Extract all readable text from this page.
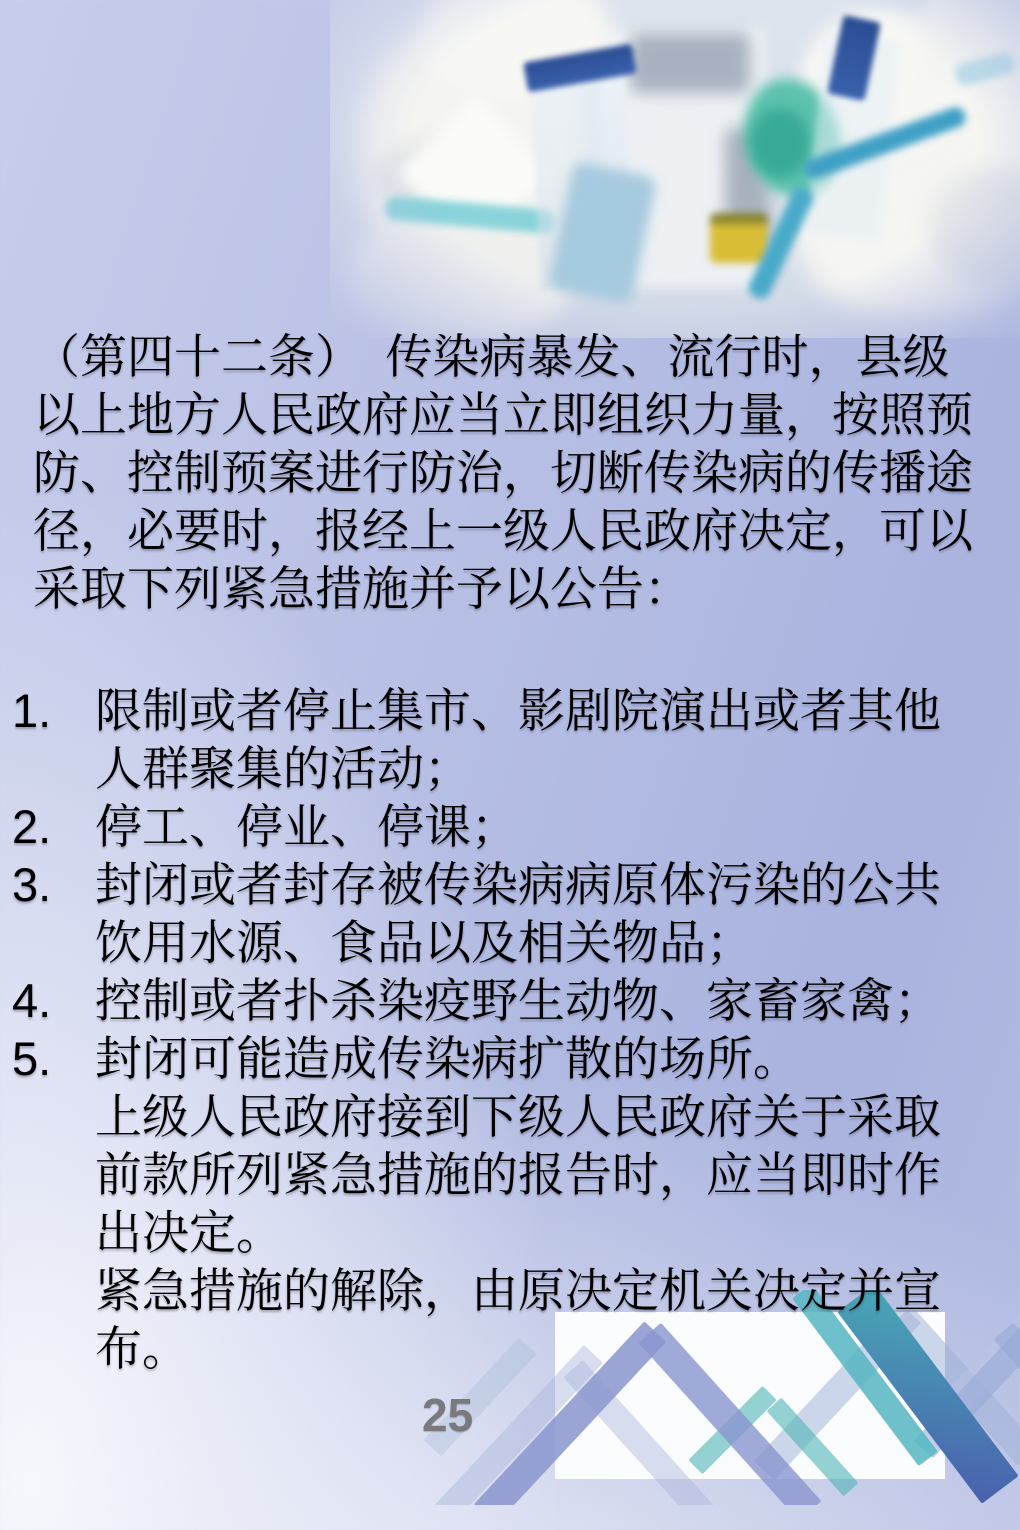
（第四十二条）　传染病暴发、流行时，县级
以上地方人民政府应当立即组织力量，按照预
防、控制预案进行防治，切断传染病的传播途
径，必要时，报经上一级人民政府决定，可以
采取下列紧急措施并予以公告：
1. 限制或者停止集市、影剧院演出或者其他
人群聚集的活动；
2. 停工、停业、停课；
3. 封闭或者封存被传染病病原体污染的公共
饮用水源、食品以及相关物品；
4. 控制或者扑杀染疫野生动物、家畜家禽；
5. 封闭可能造成传染病扩散的场所。
上级人民政府接到下级人民政府关于采取
前款所列紧急措施的报告时，应当即时作
出决定。
紧急措施的解除，由原决定机关决定并宣
布。
25
